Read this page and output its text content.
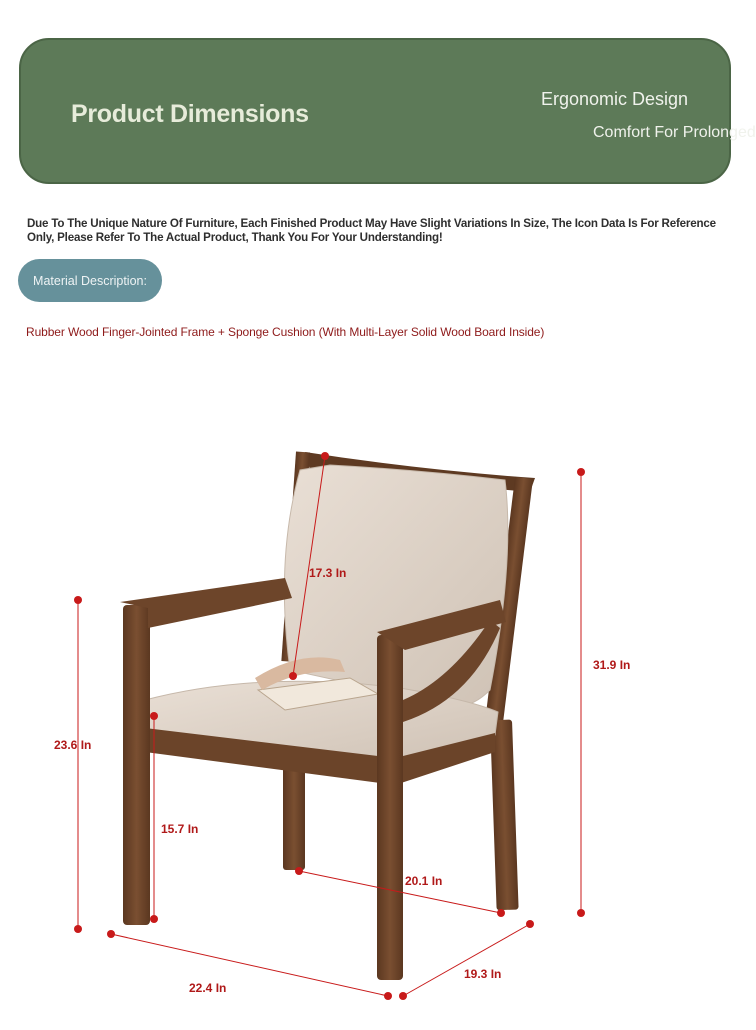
Product Dimensions
Ergonomic Design
Comfort For Prolonged

Due To The Unique Nature Of Furniture, Each Finished Product May Have Slight Variations In Size, The Icon Data Is For Reference Only, Please Refer To The Actual Product, Thank You For Your Understanding!

Material Description:

Rubber Wood Finger-Jointed Frame + Sponge Cushion (With Multi-Layer Solid Wood Board Inside)

17.3 In
31.9 In
23.6 In
15.7 In
20.1 In
22.4 In
19.3 In
